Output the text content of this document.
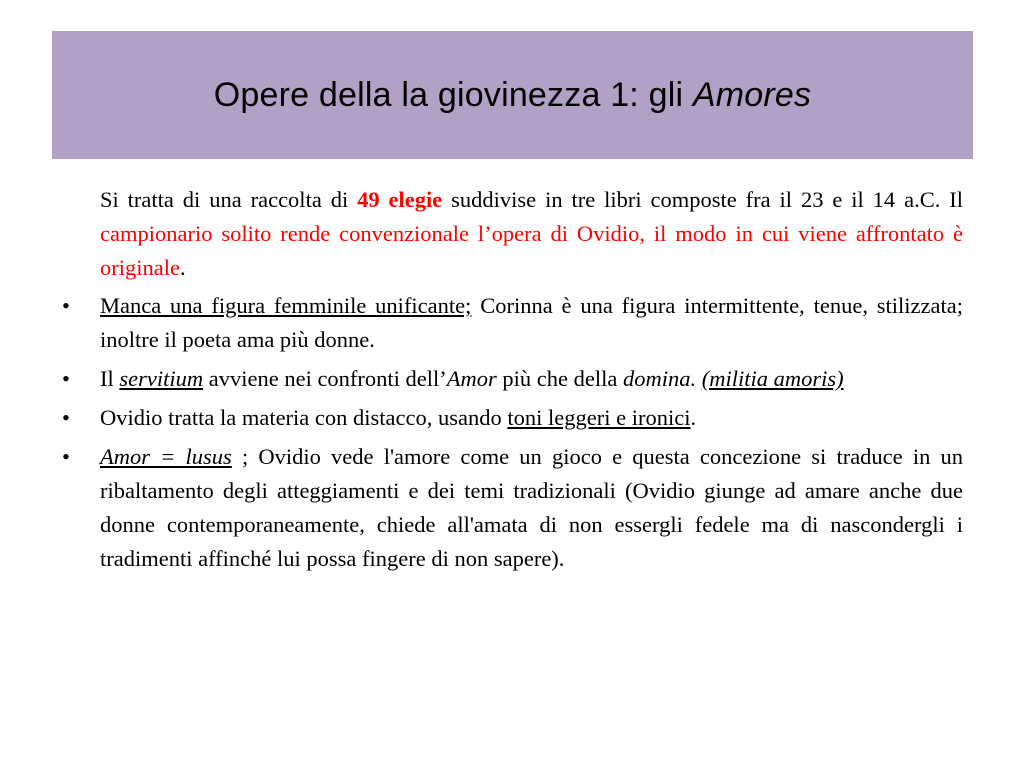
Opere della la giovinezza 1: gli Amores

Si tratta di una raccolta di 49 elegie suddivise in tre libri composte fra il 23 e il 14 a.C. Il campionario solito rende convenzionale l’opera di Ovidio, il modo in cui viene affrontato è originale.

•	Manca una figura femminile unificante; Corinna è una figura intermittente, tenue, stilizzata; inoltre il poeta ama più donne.

•	Il servitium avviene nei confronti dell’Amor più che della domina. (militia amoris)

•	Ovidio tratta la materia con distacco, usando toni leggeri e ironici.

•	Amor = lusus ; Ovidio vede l'amore come un gioco e questa concezione si traduce in un ribaltamento degli atteggiamenti e dei temi tradizionali (Ovidio giunge ad amare anche due donne contemporaneamente, chiede all'amata di non essergli fedele ma di nascondergli i tradimenti affinché lui possa fingere di non sapere).
